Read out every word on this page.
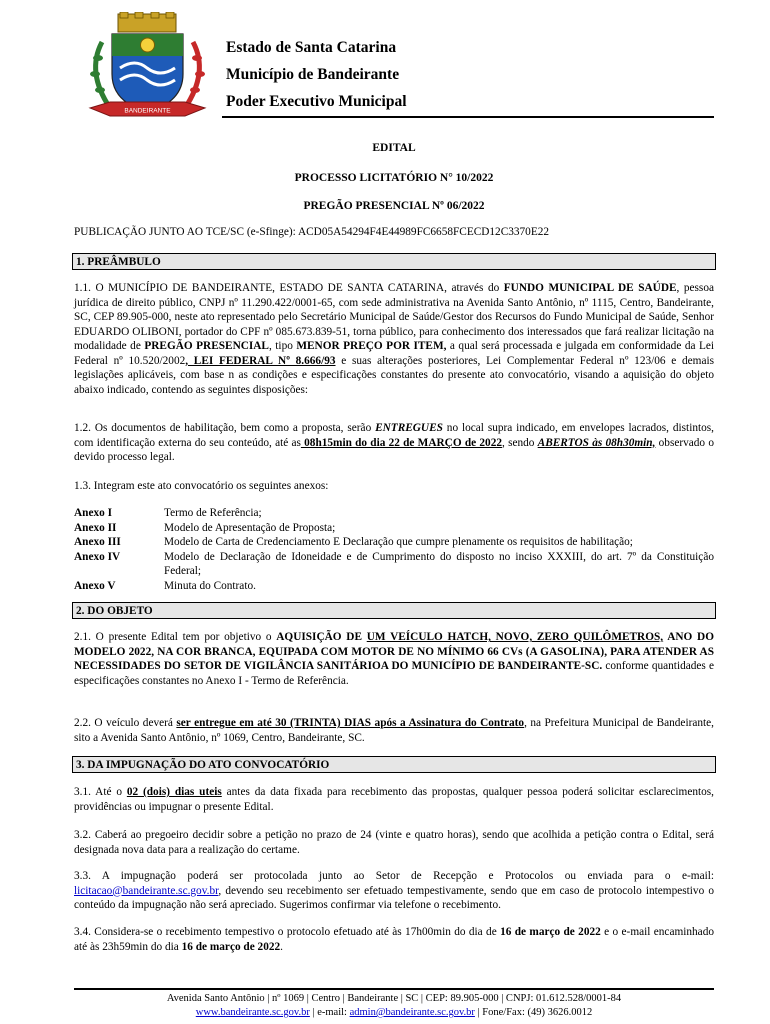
BANDEIRANTE
Estado de Santa Catarina
Município de Bandeirante
Poder Executivo Municipal
EDITAL
PROCESSO LICITATÓRIO N° 10/2022
PREGÃO PRESENCIAL Nº 06/2022
PUBLICAÇÃO JUNTO AO TCE/SC (e-Sfinge): ACD05A54294F4E44989FC6658FCECD12C3370E22
1. PREÂMBULO
1.1. O MUNICÍPIO DE BANDEIRANTE, ESTADO DE SANTA CATARINA, através do FUNDO MUNICIPAL DE SAÚDE, pessoa jurídica de direito público, CNPJ nº 11.290.422/0001-65, com sede administrativa na Avenida Santo Antônio, nº 1115, Centro, Bandeirante, SC, CEP 89.905-000, neste ato representado pelo Secretário Municipal de Saúde/Gestor dos Recursos do Fundo Municipal de Saúde, Senhor EDUARDO OLIBONI, portador do CPF nº 085.673.839-51, torna público, para conhecimento dos interessados que fará realizar licitação na modalidade de PREGÃO PRESENCIAL, tipo MENOR PREÇO POR ITEM, a qual será processada e julgada em conformidade da Lei Federal nº 10.520/2002, LEI FEDERAL Nº 8.666/93 e suas alterações posteriores, Lei Complementar Federal nº 123/06 e demais legislações aplicáveis, com base n as condições e especificações constantes do presente ato convocatório, visando a aquisição do objeto abaixo indicado, contendo as seguintes disposições:
1.2. Os documentos de habilitação, bem como a proposta, serão ENTREGUES no local supra indicado, em envelopes lacrados, distintos, com identificação externa do seu conteúdo, até as 08h15min do dia 22 de MARÇO de 2022, sendo ABERTOS às 08h30min, observado o devido processo legal.
1.3. Integram este ato convocatório os seguintes anexos:
Anexo I	Termo de Referência;
Anexo II	Modelo de Apresentação de Proposta;
Anexo III	Modelo de Carta de Credenciamento E Declaração que cumpre plenamente os requisitos de habilitação;
Anexo IV	Modelo de Declaração de Idoneidade e de Cumprimento do disposto no inciso XXXIII, do art. 7º da Constituição Federal;
Anexo V	Minuta do Contrato.
2. DO OBJETO
2.1. O presente Edital tem por objetivo o AQUISIÇÃO DE UM VEÍCULO HATCH, NOVO, ZERO QUILÔMETROS, ANO DO MODELO 2022, NA COR BRANCA, EQUIPADA COM MOTOR DE NO MÍNIMO 66 CVs (A GASOLINA), PARA ATENDER AS NECESSIDADES DO SETOR DE VIGILÂNCIA SANITÁRIOA DO MUNICÍPIO DE BANDEIRANTE-SC. conforme quantidades e especificações constantes no Anexo I - Termo de Referência.
2.2. O veículo deverá ser entregue em até 30 (TRINTA) DIAS após a Assinatura do Contrato, na Prefeitura Municipal de Bandeirante, sito a Avenida Santo Antônio, nº 1069, Centro, Bandeirante, SC.
3. DA IMPUGNAÇÃO DO ATO CONVOCATÓRIO
3.1. Até o 02 (dois) dias uteis antes da data fixada para recebimento das propostas, qualquer pessoa poderá solicitar esclarecimentos, providências ou impugnar o presente Edital.
3.2. Caberá ao pregoeiro decidir sobre a petição no prazo de 24 (vinte e quatro horas), sendo que acolhida a petição contra o Edital, será designada nova data para a realização do certame.
3.3. A impugnação poderá ser protocolada junto ao Setor de Recepção e Protocolos ou enviada para o e-mail: licitacao@bandeirante.sc.gov.br, devendo seu recebimento ser efetuado tempestivamente, sendo que em caso de protocolo intempestivo o conteúdo da impugnação não será apreciado. Sugerimos confirmar via telefone o recebimento.
3.4. Considera-se o recebimento tempestivo o protocolo efetuado até às 17h00min do dia de 16 de março de 2022 e o e-mail encaminhado até às 23h59min do dia 16 de março de 2022.
Avenida Santo Antônio | nº 1069 | Centro | Bandeirante | SC | CEP: 89.905-000 | CNPJ: 01.612.528/0001-84
www.bandeirante.sc.gov.br | e-mail: admin@bandeirante.sc.gov.br | Fone/Fax: (49) 3626.0012
